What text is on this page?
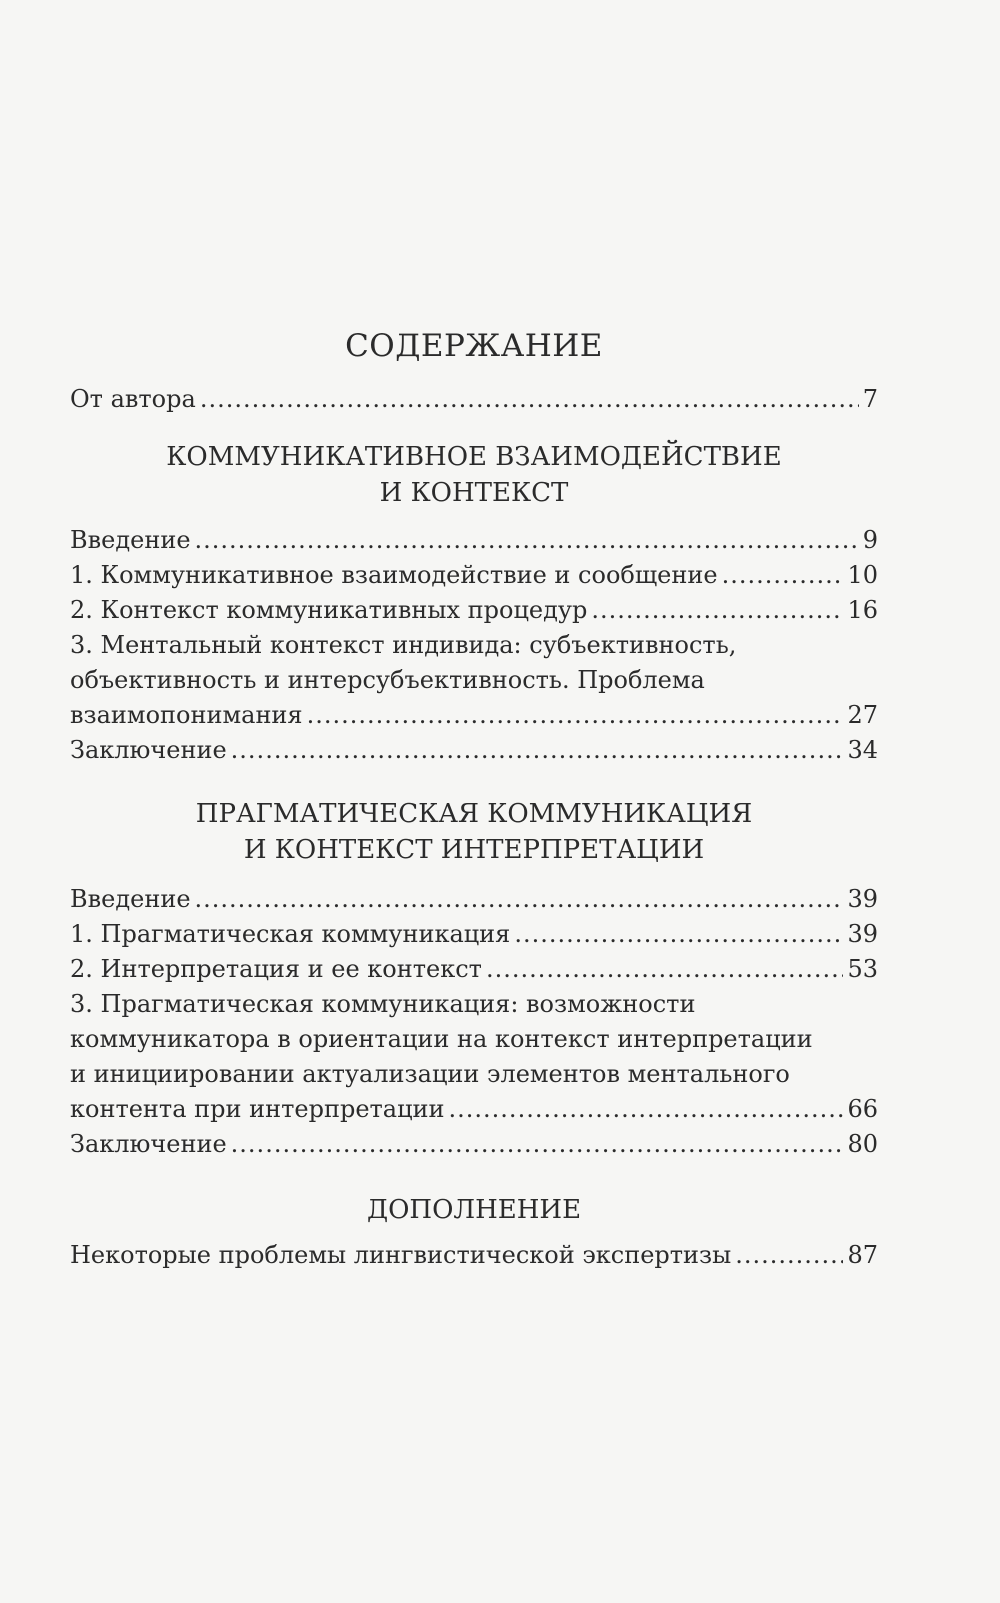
СОДЕРЖАНИЕ
От автора .....	7
КОММУНИКАТИВНОЕ ВЗАИМОДЕЙСТВИЕ
И КОНТЕКСТ
Введение .....	9
1. Коммуникативное взаимодействие и сообщение .....	10
2. Контекст коммуникативных процедур .....	16
3. Ментальный контекст индивида: субъективность,
объективность и интерсубъективность. Проблема
взаимопонимания .....	27
Заключение .....	34
ПРАГМАТИЧЕСКАЯ КОММУНИКАЦИЯ
И КОНТЕКСТ ИНТЕРПРЕТАЦИИ
Введение .....	39
1. Прагматическая коммуникация .....	39
2. Интерпретация и ее контекст .....	53
3. Прагматическая коммуникация: возможности
коммуникатора в ориентации на контекст интерпретации
и инициировании актуализации элементов ментального
контента при интерпретации .....	66
Заключение .....	80
ДОПОЛНЕНИЕ
Некоторые проблемы лингвистической экспертизы .....	87
